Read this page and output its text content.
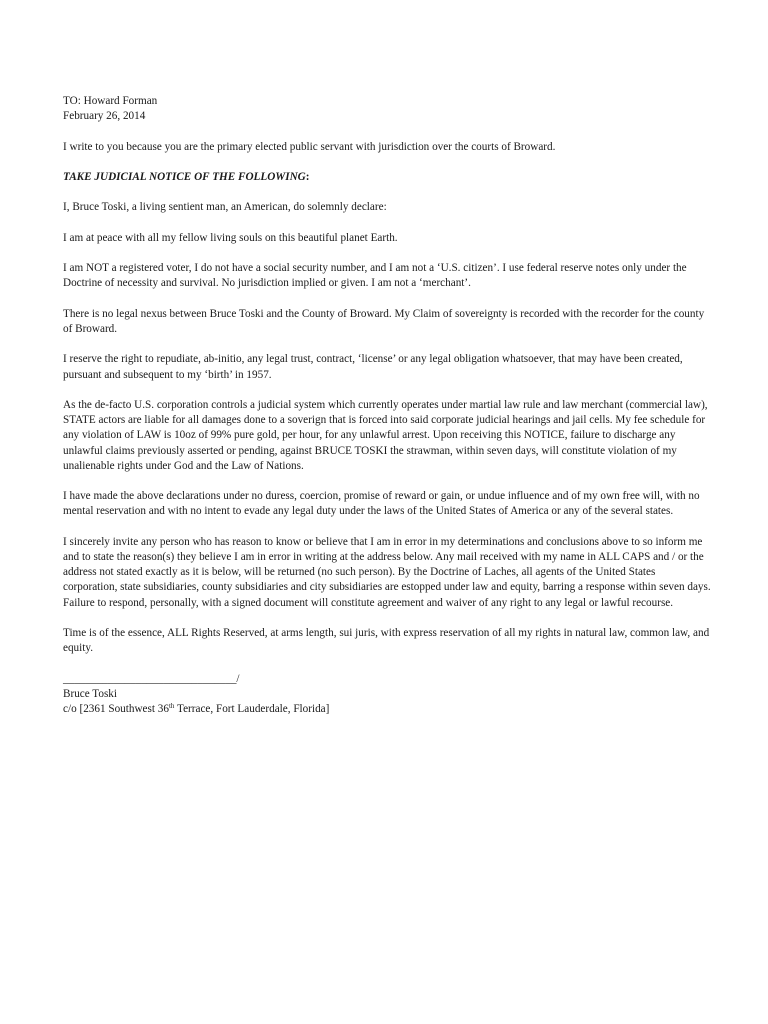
TO: Howard Forman
February 26, 2014

I write to you because you are the primary elected public servant with jurisdiction over the courts of Broward.

TAKE JUDICIAL NOTICE OF THE FOLLOWING:

I, Bruce Toski, a living sentient man, an American, do solemnly declare:

I am at peace with all my fellow living souls on this beautiful planet Earth.

I am NOT a registered voter, I do not have a social security number, and I am not a ‘U.S. citizen’. I use federal reserve notes only under the Doctrine of necessity and survival. No jurisdiction implied or given. I am not a ‘merchant’.

There is no legal nexus between Bruce Toski and the County of Broward. My Claim of sovereignty is recorded with the recorder for the county of Broward.

I reserve the right to repudiate, ab-initio, any legal trust, contract, ‘license’ or any legal obligation whatsoever, that may have been created, pursuant and subsequent to my ‘birth’ in 1957.

As the de-facto U.S. corporation controls a judicial system which currently operates under martial law rule and law merchant (commercial law), STATE actors are liable for all damages done to a soverign that is forced into said corporate judicial hearings and jail cells. My fee schedule for any violation of LAW is 10oz of 99% pure gold, per hour, for any unlawful arrest. Upon receiving this NOTICE, failure to discharge any unlawful claims previously asserted or pending, against BRUCE TOSKI the strawman, within seven days, will constitute violation of my unalienable rights under God and the Law of Nations.

I have made the above declarations under no duress, coercion, promise of reward or gain, or undue influence and of my own free will, with no mental reservation and with no intent to evade any legal duty under the laws of the United States of America or any of the several states.

I sincerely invite any person who has reason to know or believe that I am in error in my determinations and conclusions above to so inform me and to state the reason(s) they believe I am in error in writing at the address below. Any mail received with my name in ALL CAPS and / or the address not stated exactly as it is below, will be returned (no such person). By the Doctrine of Laches, all agents of the United States corporation, state subsidiaries, county subsidiaries and city subsidiaries are estopped under law and equity, barring a response within seven days. Failure to respond, personally, with a signed document will constitute agreement and waiver of any right to any legal or lawful recourse.

Time is of the essence, ALL Rights Reserved, at arms length, sui juris, with express reservation of all my rights in natural law, common law, and equity.

_______________________________/
Bruce Toski
c/o [2361 Southwest 36th Terrace, Fort Lauderdale, Florida]
